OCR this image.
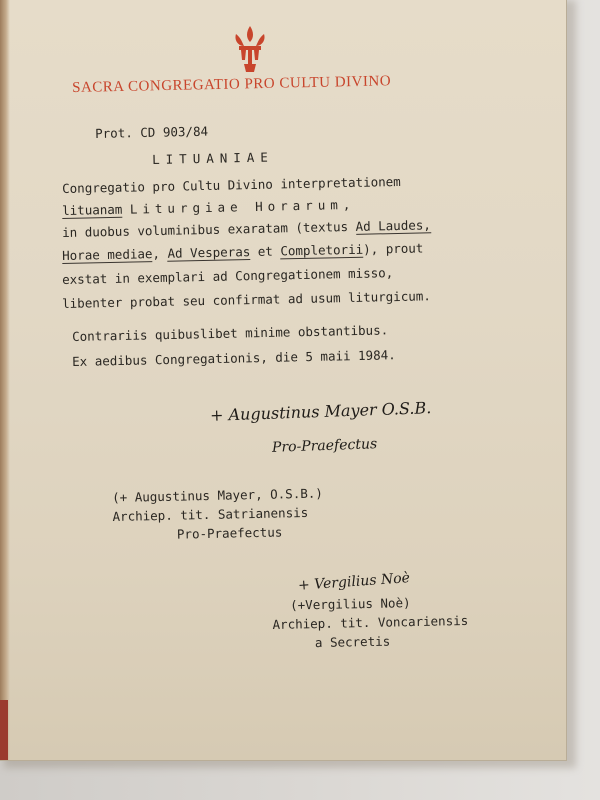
SACRA CONGREGATIO PRO CULTU DIVINO
Prot. CD 903/84
LITUANIAE
Congregatio pro Cultu Divino interpretationem
lituanam Liturgiae Horarum,
in duobus voluminibus exaratam (textus Ad Laudes,
Horae mediae, Ad Vesperas et Completorii), prout
exstat in exemplari ad Congregationem misso,
libenter probat seu confirmat ad usum liturgicum.
Contrariis quibuslibet minime obstantibus.
Ex aedibus Congregationis, die 5 maii 1984.
+ Augustinus Mayer O.S.B.
Pro-Praefectus
(+ Augustinus Mayer, O.S.B.)
Archiep. tit. Satrianensis
Pro-Praefectus
+ Vergilius Noè
(+Vergilius Noè)
Archiep. tit. Voncariensis
a Secretis
